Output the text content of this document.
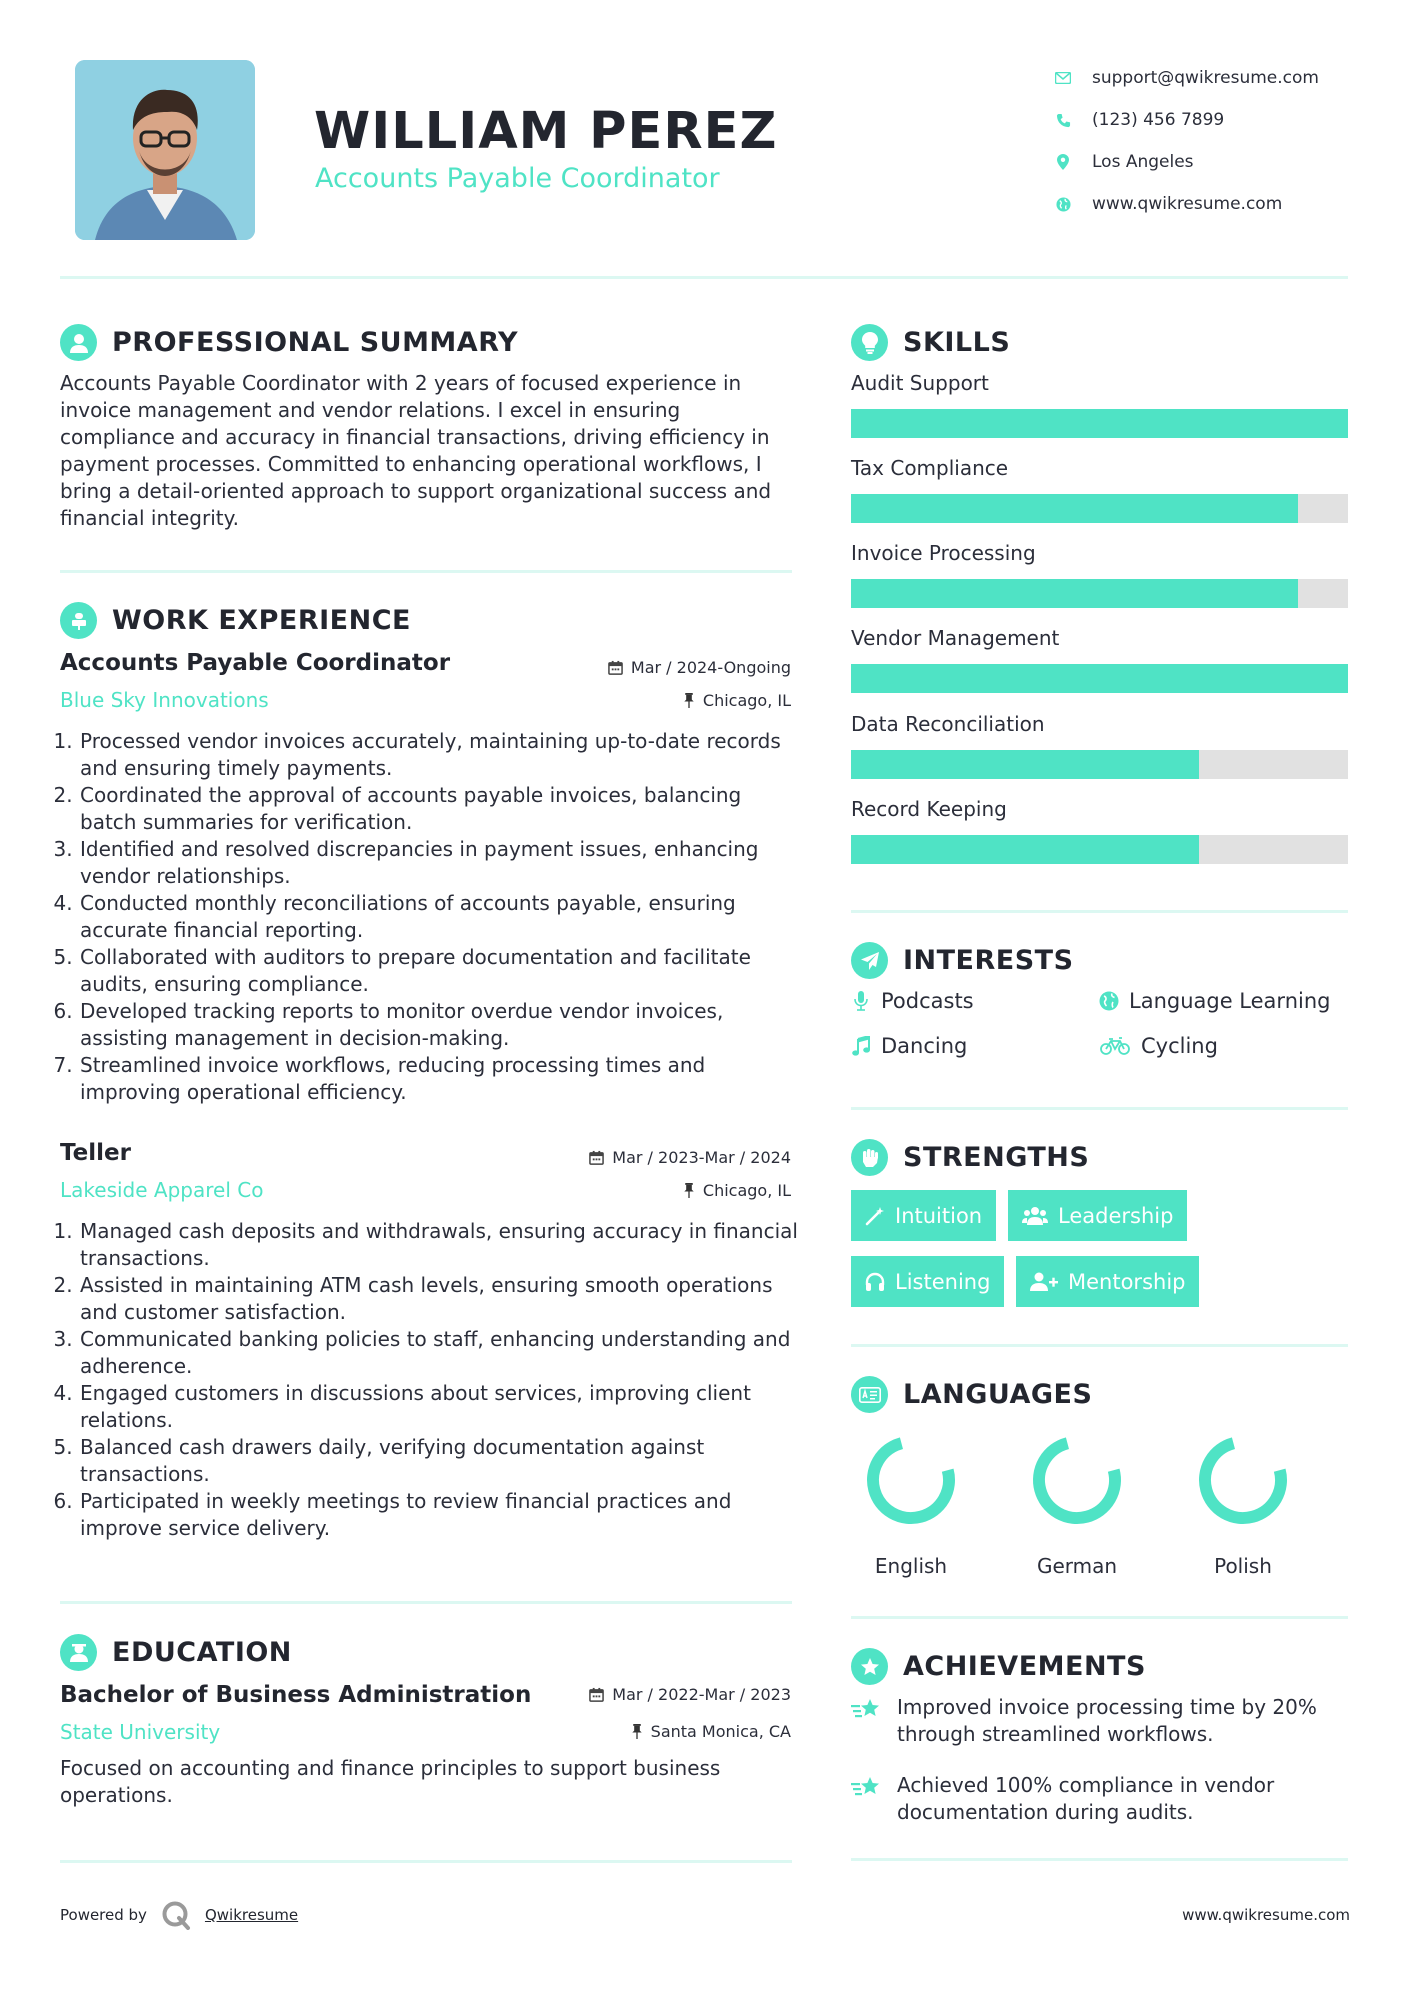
WILLIAM PEREZ
Accounts Payable Coordinator
support@qwikresume.com
(123) 456 7899
Los Angeles
www.qwikresume.com
PROFESSIONAL SUMMARY
Accounts Payable Coordinator with 2 years of focused experience in invoice management and vendor relations. I excel in ensuring compliance and accuracy in financial transactions, driving efficiency in payment processes. Committed to enhancing operational workflows, I bring a detail-oriented approach to support organizational success and financial integrity.
WORK EXPERIENCE
Accounts Payable Coordinator	Mar / 2024-Ongoing
Blue Sky Innovations	Chicago, IL
1. Processed vendor invoices accurately, maintaining up-to-date records and ensuring timely payments.
2. Coordinated the approval of accounts payable invoices, balancing batch summaries for verification.
3. Identified and resolved discrepancies in payment issues, enhancing vendor relationships.
4. Conducted monthly reconciliations of accounts payable, ensuring accurate financial reporting.
5. Collaborated with auditors to prepare documentation and facilitate audits, ensuring compliance.
6. Developed tracking reports to monitor overdue vendor invoices, assisting management in decision-making.
7. Streamlined invoice workflows, reducing processing times and improving operational efficiency.
Teller	Mar / 2023-Mar / 2024
Lakeside Apparel Co	Chicago, IL
1. Managed cash deposits and withdrawals, ensuring accuracy in financial transactions.
2. Assisted in maintaining ATM cash levels, ensuring smooth operations and customer satisfaction.
3. Communicated banking policies to staff, enhancing understanding and adherence.
4. Engaged customers in discussions about services, improving client relations.
5. Balanced cash drawers daily, verifying documentation against transactions.
6. Participated in weekly meetings to review financial practices and improve service delivery.
EDUCATION
Bachelor of Business Administration	Mar / 2022-Mar / 2023
State University	Santa Monica, CA
Focused on accounting and finance principles to support business operations.
SKILLS
Audit Support
Tax Compliance
Invoice Processing
Vendor Management
Data Reconciliation
Record Keeping
INTERESTS
Podcasts	Language Learning
Dancing	Cycling
STRENGTHS
Intuition	Leadership
Listening	Mentorship
LANGUAGES
English	German	Polish
ACHIEVEMENTS
Improved invoice processing time by 20% through streamlined workflows.
Achieved 100% compliance in vendor documentation during audits.
Powered by	Qwikresume	www.qwikresume.com
